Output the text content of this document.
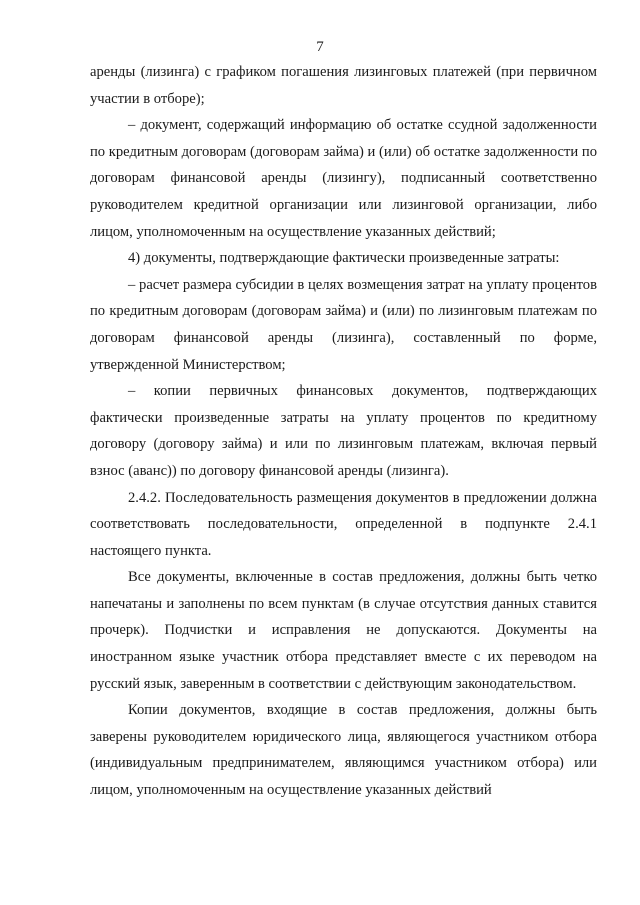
7

аренды (лизинга) с графиком погашения лизинговых платежей (при первичном участии в отборе);

– документ, содержащий информацию об остатке ссудной задолженности по кредитным договорам (договорам займа) и (или) об остатке задолженности по договорам финансовой аренды (лизингу), подписанный соответственно руководителем кредитной организации или лизинговой организации, либо лицом, уполномоченным на осуществление указанных действий;

4) документы, подтверждающие фактически произведенные затраты:

– расчет размера субсидии в целях возмещения затрат на уплату процентов по кредитным договорам (договорам займа) и (или) по лизинговым платежам по договорам финансовой аренды (лизинга), составленный по форме, утвержденной Министерством;

– копии первичных финансовых документов, подтверждающих фактически произведенные затраты на уплату процентов по кредитному договору (договору займа) и или по лизинговым платежам, включая первый взнос (аванс)) по договору финансовой аренды (лизинга).

2.4.2. Последовательность размещения документов в предложении должна соответствовать последовательности, определенной в подпункте 2.4.1 настоящего пункта.

Все документы, включенные в состав предложения, должны быть четко напечатаны и заполнены по всем пунктам (в случае отсутствия данных ставится прочерк). Подчистки и исправления не допускаются. Документы на иностранном языке участник отбора представляет вместе с их переводом на русский язык, заверенным в соответствии с действующим законодательством.

Копии документов, входящие в состав предложения, должны быть заверены руководителем юридического лица, являющегося участником отбора (индивидуальным предпринимателем, являющимся участником отбора) или лицом, уполномоченным на осуществление указанных действий
